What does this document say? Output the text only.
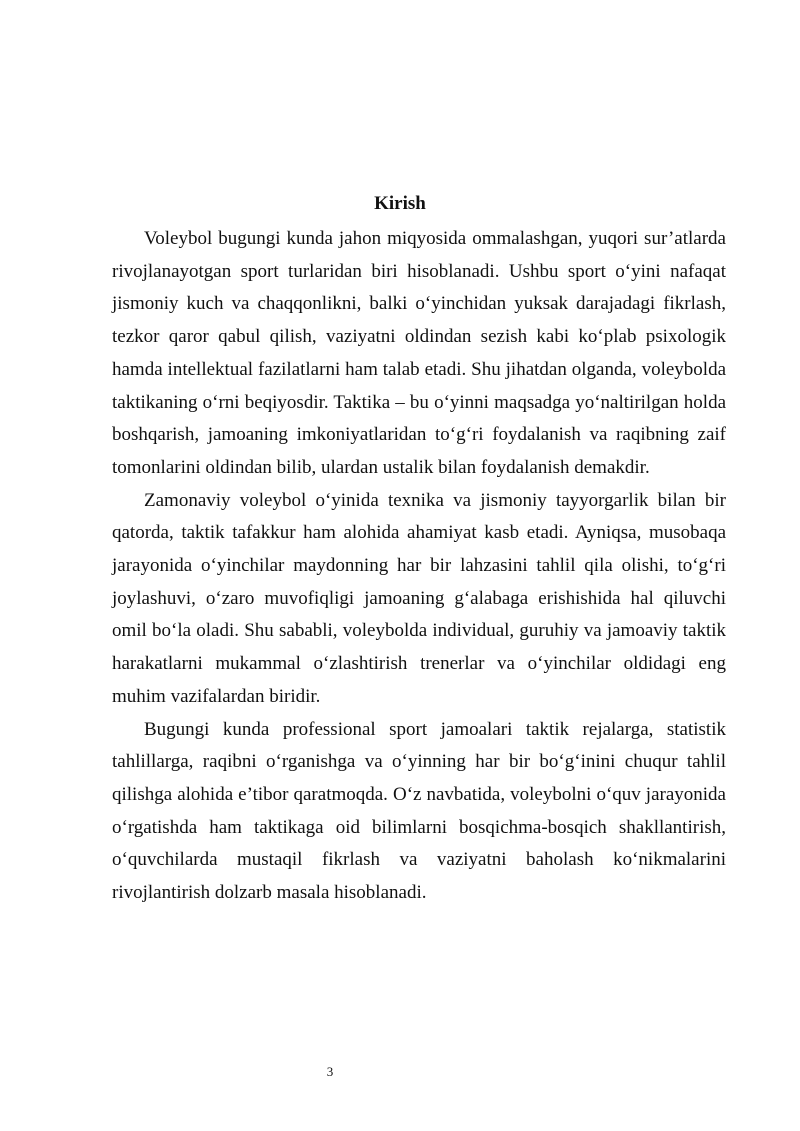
Kirish

Voleybol bugungi kunda jahon miqyosida ommalashgan, yuqori sur’atlarda rivojlanayotgan sport turlaridan biri hisoblanadi. Ushbu sport o‘yini nafaqat jismoniy kuch va chaqqonlikni, balki o‘yinchidan yuksak darajadagi fikrlash, tezkor qaror qabul qilish, vaziyatni oldindan sezish kabi ko‘plab psixologik hamda intellektual fazilatlarni ham talab etadi. Shu jihatdan olganda, voleybolda taktikaning o‘rni beqiyosdir. Taktika – bu o‘yinni maqsadga yo‘naltirilgan holda boshqarish, jamoaning imkoniyatlaridan to‘g‘ri foydalanish va raqibning zaif tomonlarini oldindan bilib, ulardan ustalik bilan foydalanish demakdir.

Zamonaviy voleybol o‘yinida texnika va jismoniy tayyorgarlik bilan bir qatorda, taktik tafakkur ham alohida ahamiyat kasb etadi. Ayniqsa, musobaqa jarayonida o‘yinchilar maydonning har bir lahzasini tahlil qila olishi, to‘g‘ri joylashuvi, o‘zaro muvofiqligi jamoaning g‘alabaga erishishida hal qiluvchi omil bo‘la oladi. Shu sababli, voleybolda individual, guruhiy va jamoaviy taktik harakatlarni mukammal o‘zlashtirish trenerlar va o‘yinchilar oldidagi eng muhim vazifalardan biridir.

Bugungi kunda professional sport jamoalari taktik rejalarga, statistik tahlillarga, raqibni o‘rganishga va o‘yinning har bir bo‘g‘inini chuqur tahlil qilishga alohida e’tibor qaratmoqda. O‘z navbatida, voleybolni o‘quv jarayonida o‘rgatishda ham taktikaga oid bilimlarni bosqichma-bosqich shakllantirish, o‘quvchilarda mustaqil fikrlash va vaziyatni baholash ko‘nikmalarini rivojlantirish dolzarb masala hisoblanadi.

3
